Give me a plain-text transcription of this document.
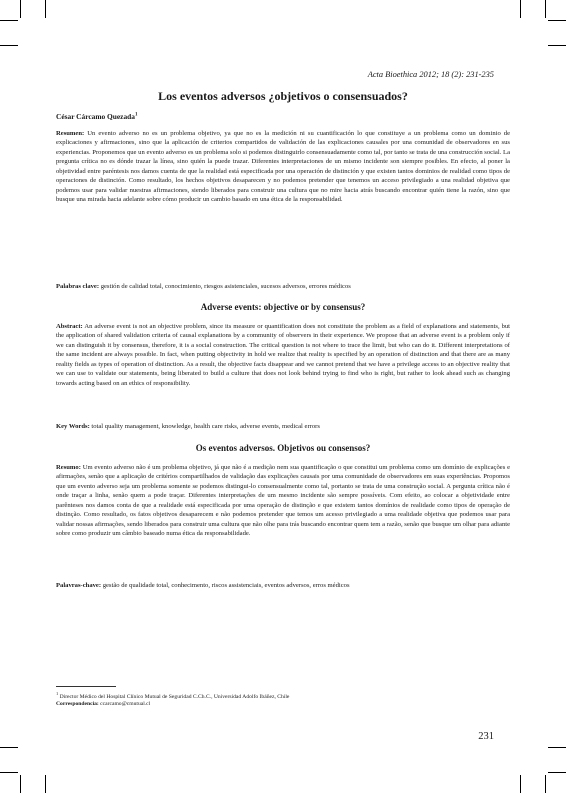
Acta Bioethica 2012; 18 (2): 231-235
Los eventos adversos ¿objetivos o consensuados?
César Cárcamo Quezada$^1$

Resumen: Un evento adverso no es un problema objetivo, ya que no es la medición ni su cuantificación lo que constituye a un problema como un dominio de explicaciones y afirmaciones, sino que la aplicación de criterios compartidos de validación de las explicaciones causales por una comunidad de observadores en sus experiencias. Proponemos que un evento adverso es un problema solo si podemos distinguirlo consensuadamente como tal, por tanto se trata de una construcción social. La pregunta crítica no es dónde trazar la línea, sino quién la puede trazar. Diferentes interpretaciones de un mismo incidente son siempre posibles. En efecto, al poner la objetividad entre paréntesis nos damos cuenta de que la realidad está especificada por una operación de distinción y que existen tantos dominios de realidad como tipos de operaciones de distinción. Como resultado, los hechos objetivos desaparecen y no podemos pretender que tenemos un acceso privilegiado a una realidad objetiva que podemos usar para validar nuestras afirmaciones, siendo liberados para construir una cultura que no mire hacia atrás buscando encontrar quién tiene la razón, sino que busque una mirada hacia adelante sobre cómo producir un cambio basado en una ética de la responsabilidad.

Palabras clave: gestión de calidad total, conocimiento, riesgos asistenciales, sucesos adversos, errores médicos

Adverse events: objective or by consensus?

Abstract: An adverse event is not an objective problem, since its measure or quantification does not constitute the problem as a field of explanations and statements, but the application of shared validation criteria of causal explanations by a community of observers in their experience. We propose that an adverse event is a problem only if we can distinguish it by consensus, therefore, it is a social construction. The critical question is not where to trace the limit, but who can do it. Different interpretations of the same incident are always possible. In fact, when putting objectivity in hold we realize that reality is specified by an operation of distinction and that there are as many reality fields as types of operation of distinction. As a result, the objective facts disappear and we cannot pretend that we have a privilege access to an objective reality that we can use to validate our statements, being liberated to build a culture that does not look behind trying to find who is right, but rather to look ahead such as changing towards acting based on an ethics of responsibility.

Key Words: total quality management, knowledge, health care risks, adverse events, medical errors

Os eventos adversos. Objetivos ou consensos?

Resumo: Um evento adverso não é um problema objetivo, já que não é a medição nem sua quantificação o que constitui um problema como um domínio de explicações e afirmações, senão que a aplicação de critérios compartilhados de validação das explicações causais por uma comunidade de observadores em suas experiências. Propomos que um evento adverso seja um problema somente se podemos distingui-lo consensualmente como tal, portanto se trata de uma construção social. A pergunta crítica não é onde traçar a linha, senão quem a pode traçar. Diferentes interpretações de um mesmo incidente são sempre possíveis. Com efeito, ao colocar a objetividade entre parênteses nos damos conta de que a realidade está especificada por uma operação de distinção e que existem tantos domínios de realidade como tipos de operação de distinção. Como resultado, os fatos objetivos desaparecem e não podemos pretender que temos um acesso privilegiado a uma realidade objetiva que podemos usar para validar nossas afirmações, sendo liberados para construir uma cultura que não olhe para trás buscando encontrar quem tem a razão, senão que busque um olhar para adiante sobre como produzir um câmbio baseado numa ética da responsabilidade.

Palavras-chave: gestão de qualidade total, conhecimento, riscos assistenciais, eventos adversos, erros médicos

$^1$ Director Médico del Hospital Clínico Mutual de Seguridad C.Ch.C., Universidad Adolfo Ibáñez, Chile
Correspondencia: ccarcamo@cmutual.cl

231
